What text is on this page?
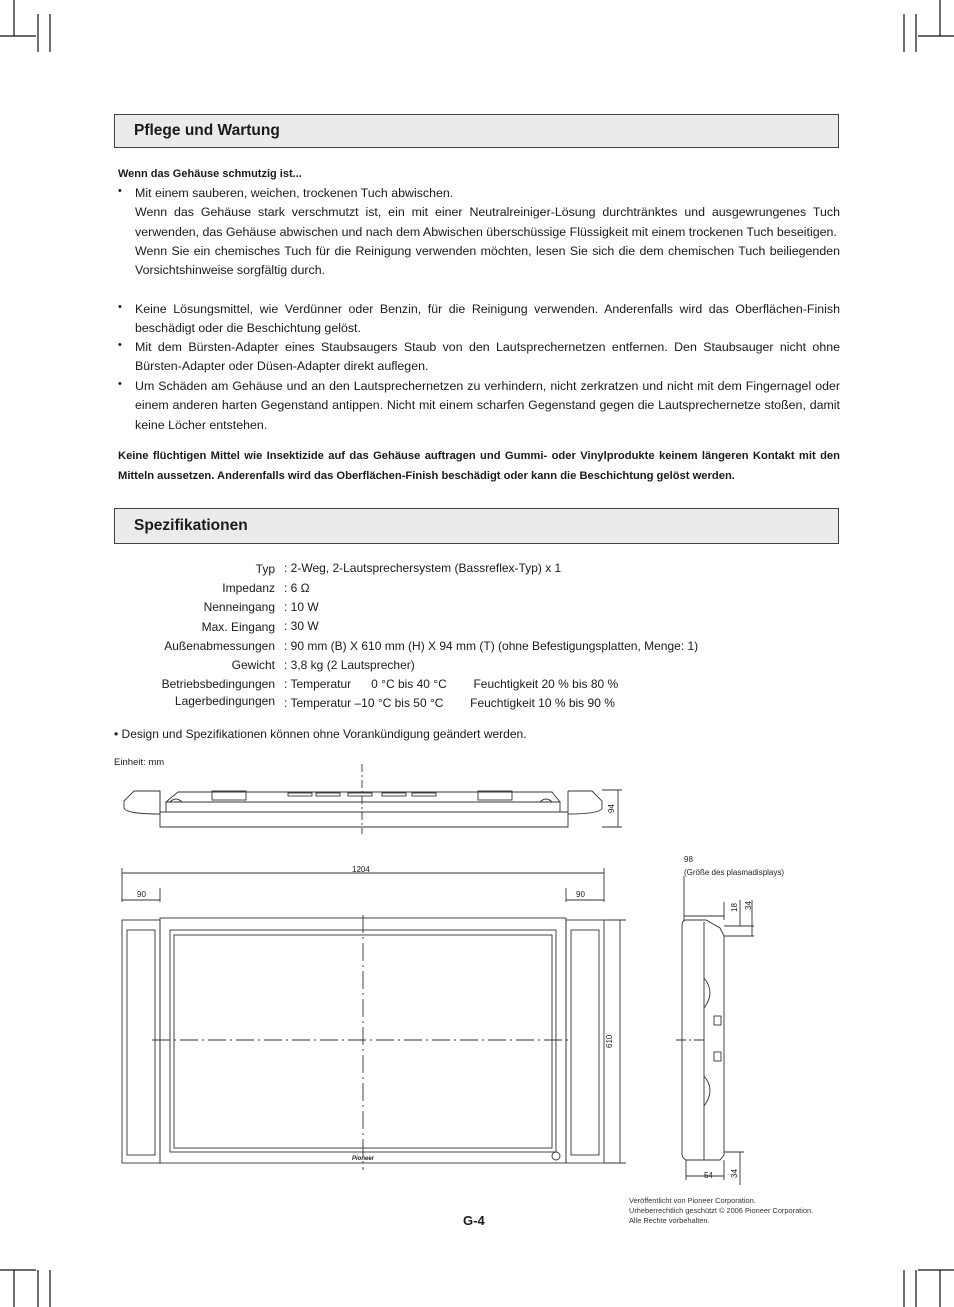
Pflege und Wartung
Wenn das Gehäuse schmutzig ist...
• Mit einem sauberen, weichen, trockenen Tuch abwischen.
Wenn das Gehäuse stark verschmutzt ist, ein mit einer Neutralreiniger-Lösung durchtränktes und ausgewrungenes Tuch verwenden, das Gehäuse abwischen und nach dem Abwischen überschüssige Flüssigkeit mit einem trockenen Tuch beseitigen.
Wenn Sie ein chemisches Tuch für die Reinigung verwenden möchten, lesen Sie sich die dem chemischen Tuch beiliegenden Vorsichtshinweise sorgfältig durch.
• Keine Lösungsmittel, wie Verdünner oder Benzin, für die Reinigung verwenden. Anderenfalls wird das Oberflächen-Finish beschädigt oder die Beschichtung gelöst.
• Mit dem Bürsten-Adapter eines Staubsaugers Staub von den Lautsprechernetzen entfernen. Den Staubsauger nicht ohne Bürsten-Adapter oder Düsen-Adapter direkt auflegen.
• Um Schäden am Gehäuse und an den Lautsprechernetzen zu verhindern, nicht zerkratzen und nicht mit dem Fingernagel oder einem anderen harten Gegenstand antippen. Nicht mit einem scharfen Gegenstand gegen die Lautsprechernetze stoßen, damit keine Löcher entstehen.
Keine flüchtigen Mittel wie Insektizide auf das Gehäuse auftragen und Gummi- oder Vinylprodukte keinem längeren Kontakt mit den Mitteln aussetzen. Anderenfalls wird das Oberflächen-Finish beschädigt oder kann die Beschichtung gelöst werden.
Spezifikationen
Typ : 2-Weg, 2-Lautsprechersystem (Bassreflex-Typ) x 1
Impedanz : 6 Ω
Nenneingang : 10 W
Max. Eingang : 30 W
Außenabmessungen : 90 mm (B) X 610 mm (H) X 94 mm (T) (ohne Befestigungsplatten, Menge: 1)
Gewicht : 3,8 kg (2 Lautsprecher)
Betriebsbedingungen : Temperatur      0 °C bis 40 °C        Feuchtigkeit 20 % bis 80 %
Lagerbedingungen : Temperatur –10 °C bis 50 °C        Feuchtigkeit 10 % bis 90 %
• Design und Spezifikationen können ohne Vorankündigung geändert werden.
Einheit: mm
Pioneer
94
1204
90	90
610
98
(Größe des plasmadisplays)
18 34
54 34
G-4
Veröffentlicht von Pioneer Corporation.
Urheberrechtlich geschützt © 2006 Pioneer Corporation.
Alle Rechte vorbehalten.
